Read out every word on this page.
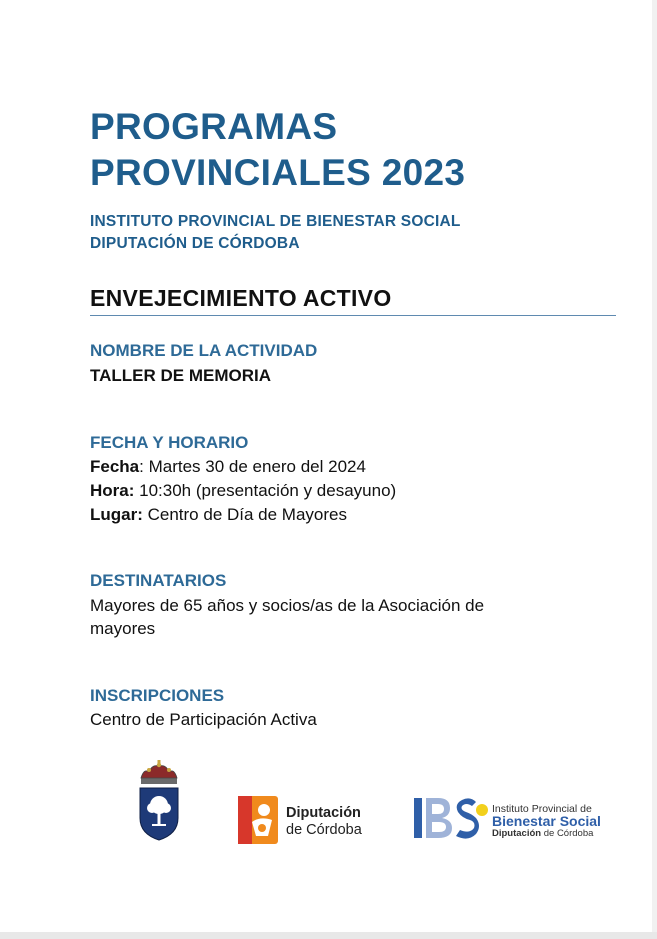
PROGRAMAS
PROVINCIALES 2023
INSTITUTO PROVINCIAL DE BIENESTAR SOCIAL
DIPUTACIÓN DE CÓRDOBA
ENVEJECIMIENTO ACTIVO
NOMBRE DE LA ACTIVIDAD
TALLER DE MEMORIA
FECHA Y HORARIO
Fecha: Martes 30 de enero del 2024
Hora: 10:30h (presentación y desayuno)
Lugar: Centro de Día de Mayores
DESTINATARIOS
Mayores de 65 años y socios/as de la Asociación de
mayores
INSCRIPCIONES
Centro de Participación Activa
Diputación
de Córdoba
Instituto Provincial de
Bienestar Social
Diputación de Córdoba
